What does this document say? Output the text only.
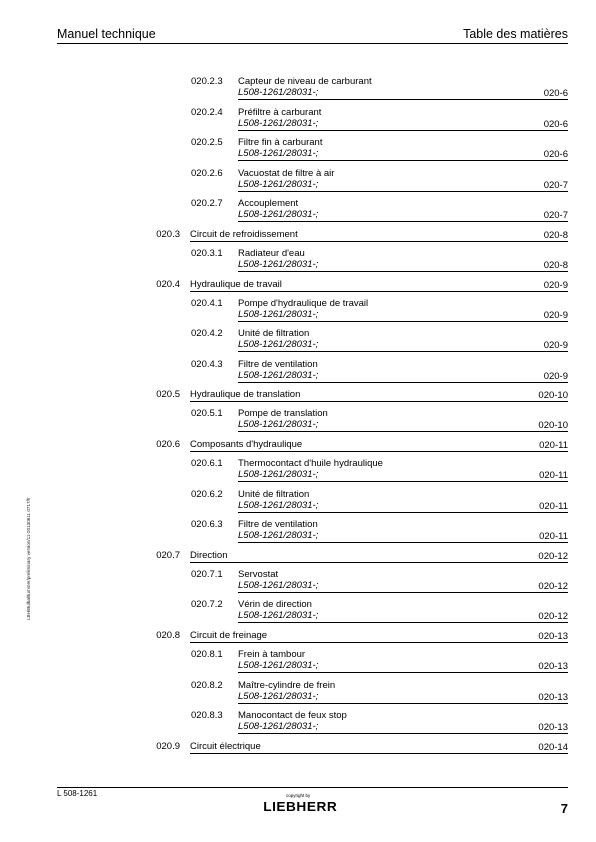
Manuel technique	Table des matières
020.2.3 Capteur de niveau de carburant
L508-1261/28031-;	020-6
020.2.4 Préfiltre à carburant
L508-1261/28031-;	020-6
020.2.5 Filtre fin à carburant
L508-1261/28031-;	020-6
020.2.6 Vacuostat de filtre à air
L508-1261/28031-;	020-7
020.2.7 Accouplement
L508-1261/28031-;	020-7
020.3 Circuit de refroidissement	020-8
020.3.1 Radiateur d'eau
L508-1261/28031-;	020-8
020.4 Hydraulique de travail	020-9
020.4.1 Pompe d'hydraulique de travail
L508-1261/28031-;	020-9
020.4.2 Unité de filtration
L508-1261/28031-;	020-9
020.4.3 Filtre de ventilation
L508-1261/28031-;	020-9
020.5 Hydraulique de translation	020-10
020.5.1 Pompe de translation
L508-1261/28031-;	020-10
020.6 Composants d'hydraulique	020-11
020.6.1 Thermocontact d'huile hydraulique
L508-1261/28031-;	020-11
020.6.2 Unité de filtration
L508-1261/28031-;	020-11
020.6.3 Filtre de ventilation
L508-1261/28031-;	020-11
020.7 Direction	020-12
020.7.1 Servostat
L508-1261/28031-;	020-12
020.7.2 Vérin de direction
L508-1261/28031-;	020-12
020.8 Circuit de freinage	020-13
020.8.1 Frein à tambour
L508-1261/28031-;	020-13
020.8.2 Maître-cylindre de frein
L508-1261/28031-;	020-13
020.8.3 Manocontact de feux stop
L508-1261/28031-;	020-13
020.9 Circuit électrique	020-14
LBH/Bulbaltlummer/preliminary version/11-20130611 0717/fr
L 508-1261	copyright by
LIEBHERR	7
